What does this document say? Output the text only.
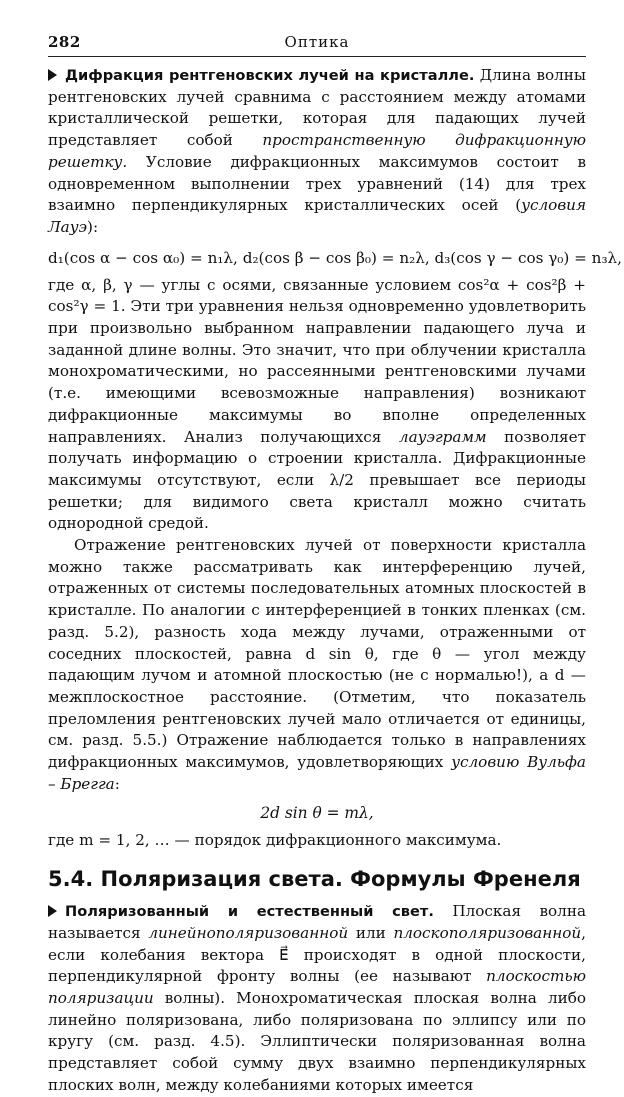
282	Оптика

Дифракция рентгеновских лучей на кристалле. Длина волны рентгеновских лучей сравнима с расстоянием между атомами кристаллической решетки, которая для падающих лучей представляет собой пространственную дифракционную решетку. Условие дифракционных максимумов состоит в одновременном выполнении трех уравнений (14) для трех взаимно перпендикулярных кристаллических осей (условия Лауэ):

d₁(cos α − cos α₀) = n₁λ, d₂(cos β − cos β₀) = n₂λ, d₃(cos γ − cos γ₀) = n₃λ,

где α, β, γ — углы с осями, связанные условием cos²α + cos²β + cos²γ = 1. Эти три уравнения нельзя одновременно удовлетворить при произвольно выбранном направлении падающего луча и заданной длине волны. Это значит, что при облучении кристалла монохроматическими, но рассеянными рентгеновскими лучами (т.е. имеющими всевозможные направления) возникают дифракционные максимумы во вполне определенных направлениях. Анализ получающихся лауэграмм позволяет получать информацию о строении кристалла. Дифракционные максимумы отсутствуют, если λ/2 превышает все периоды решетки; для видимого света кристалл можно считать однородной средой.

Отражение рентгеновских лучей от поверхности кристалла можно также рассматривать как интерференцию лучей, отраженных от системы последовательных атомных плоскостей в кристалле. По аналогии с интерференцией в тонких пленках (см. разд. 5.2), разность хода между лучами, отраженными от соседних плоскостей, равна d sin θ, где θ — угол между падающим лучом и атомной плоскостью (не с нормалью!), а d — межплоскостное расстояние. (Отметим, что показатель преломления рентгеновских лучей мало отличается от единицы, см. разд. 5.5.) Отражение наблюдается только в направлениях дифракционных максимумов, удовлетворяющих условию Вульфа – Брегга:

2d sin θ = mλ,

где m = 1, 2, … — порядок дифракционного максимума.

5.4. Поляризация света. Формулы Френеля

Поляризованный и естественный свет. Плоская волна называется линейнополяризованной или плоскополяризованной, если колебания вектора E⃗ происходят в одной плоскости, перпендикулярной фронту волны (ее называют плоскостью поляризации волны). Монохроматическая плоская волна либо линейно поляризована, либо поляризована по эллипсу или по кругу (см. разд. 4.5). Эллиптически поляризованная волна представляет собой сумму двух взаимно перпендикулярных плоских волн, между колебаниями которых имеется
